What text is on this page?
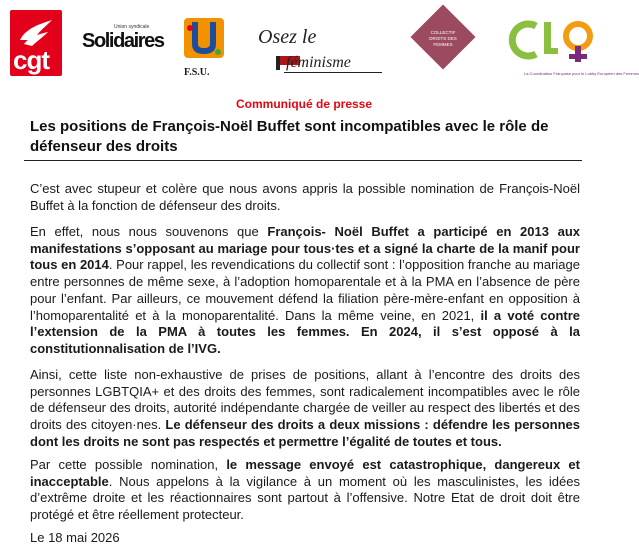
cgt
Union syndicale
Solidaires
F.S.U.
Osez le
féminisme
COLLECTIF DROITS DES FEMMES
La Coordination Française pour le Lobby Européen des Femmes
Communiqué de presse
Les positions de François-Noël Buffet sont incompatibles avec le rôle de défenseur des droits
C’est avec stupeur et colère que nous avons appris la possible nomination de François-Noël Buffet à la fonction de défenseur des droits.
En effet, nous nous souvenons que François- Noël Buffet a participé en 2013 aux manifestations s’opposant au mariage pour tous·tes et a signé la charte de la manif pour tous en 2014. Pour rappel, les revendications du collectif sont : l’opposition franche au mariage entre personnes de même sexe, à l’adoption homoparentale et à la PMA en l’absence de père pour l’enfant. Par ailleurs, ce mouvement défend la filiation père-mère-enfant en opposition à l’homoparentalité et à la monoparentalité. Dans la même veine, en 2021, il a voté contre l’extension de la PMA à toutes les femmes. En 2024, il s’est opposé à la constitutionnalisation de l’IVG.
Ainsi, cette liste non-exhaustive de prises de positions, allant à l’encontre des droits des personnes LGBTQIA+ et des droits des femmes, sont radicalement incompatibles avec le rôle de défenseur des droits, autorité indépendante chargée de veiller au respect des libertés et des droits des citoyen·nes. Le défenseur des droits a deux missions : défendre les personnes dont les droits ne sont pas respectés et permettre l’égalité de toutes et tous.
Par cette possible nomination, le message envoyé est catastrophique, dangereux et inacceptable. Nous appelons à la vigilance à un moment où les masculinistes, les idées d’extrême droite et les réactionnaires sont partout à l’offensive. Notre Etat de droit doit être protégé et être réellement protecteur.
Le 18 mai 2026
